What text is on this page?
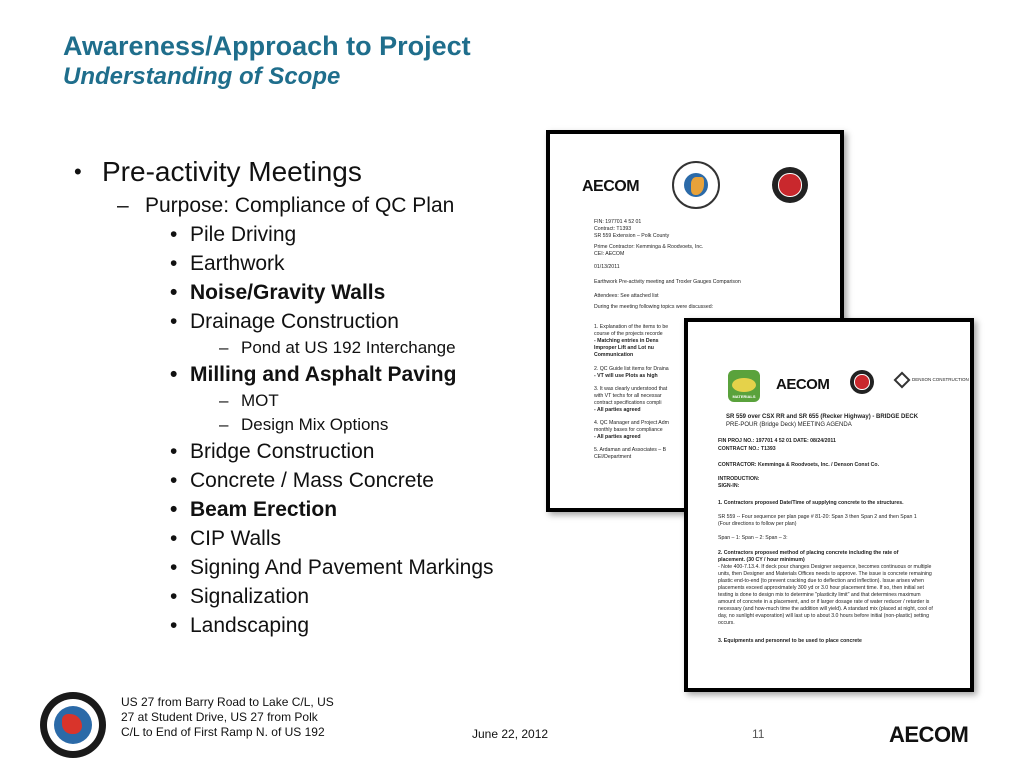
Awareness/Approach to Project
Understanding of Scope
• Pre-activity Meetings
– Purpose: Compliance of QC Plan
• Pile Driving
• Earthwork
• Noise/Gravity Walls
• Drainage Construction
– Pond at US 192 Interchange
• Milling and Asphalt Paving
– MOT
– Design Mix Options
• Bridge Construction
• Concrete / Mass Concrete
• Beam Erection
• CIP Walls
• Signing And Pavement Markings
• Signalization
• Landscaping
AECOM
FIN: 197701 4 52 01
Contract: T1393
SR 559 Extension – Polk County
Prime Contractor: Kemminga & Roodvoets, Inc.
CEI: AECOM
01/13/2011
Earthwork Pre-activity meeting and Troxler Gauges Comparison
Attendees: See attached list
During the meeting following topics were discussed:
1. Explanation of the items to be
course of the projects recorde
- Matching entries in Dens
Improper Lift and Lot nu
Communication
2. QC Guide list items for Draina
- VT will use Plots as high
3. It was clearly understood that
with VT techs for all necessar
contract specifications compli
- All parties agreed
4. QC Manager and Project Adm
monthly bases for compliance
- All parties agreed
5. Ardaman and Associates – B
CEI/Department
MATERIALS
AECOM	DENSON CONSTRUCTION
SR 559 over CSX RR and SR 655 (Recker Highway) - BRIDGE DECK
PRE-POUR (Bridge Deck) MEETING AGENDA
FIN PROJ NO.: 197701 4 52 01 DATE: 08/24/2011
CONTRACT NO.: T1393
CONTRACTOR: Kemminga & Roodvoets, Inc. / Denson Const Co.
INTRODUCTION:
SIGN-IN:
1. Contractors proposed Date/Time of supplying concrete to the structures.
SR 559 -- Four sequence per plan page # 81-20: Span 3 then Span 2 and then Span 1
(Four directions to follow per plan)
Span – 1: Span – 2: Span – 3:
2. Contractors proposed method of placing concrete including the rate of
placement. (30 CY / hour minimum)
- Note 400-7.13.4. If deck pour changes Designer sequence, becomes continuous or multiple
units, then Designer and Materials Offices needs to approve. The issue is concrete remaining
plastic end-to-end (to prevent cracking due to deflection and inflection). Issue arises when
placements exceed approximately 300 yd or 3.0 hour placement time. If so, then initial set
testing is done to design mix to determine "plasticity limit" and that determines maximum
amount of concrete in a placement, and or if larger dosage rate of water reducer / retarder is
necessary (and how-much time the addition will yield). A standard mix (placed at night, cool of
day, no sunlight evaporation) will last up to about 3.0 hours before initial (non-plastic) setting
occurs.
3. Equipments and personnel to be used to place concrete
US 27 from Barry Road to Lake C/L, US 27 at Student Drive, US 27 from Polk C/L to End of First Ramp N. of US 192	June 22, 2012	11	AECOM
